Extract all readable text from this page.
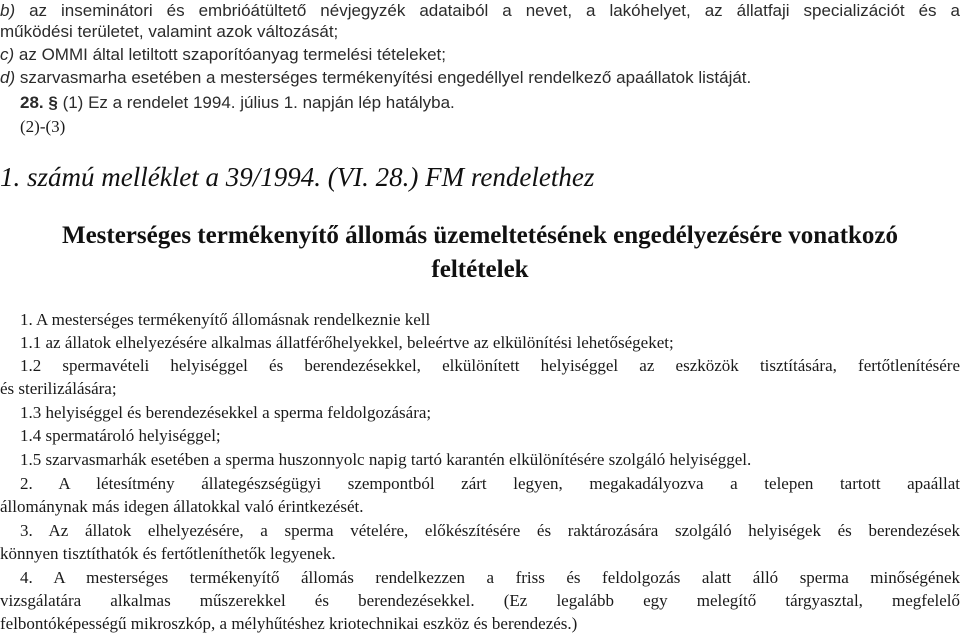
b) az inseminátori és embrióátültető névjegyzék adataiból a nevet, a lakóhelyet, az állatfaji specializációt és a
működési területet, valamint azok változását;
c) az OMMI által letiltott szaporítóanyag termelési tételeket;
d) szarvasmarha esetében a mesterséges termékenyítési engedéllyel rendelkező apaállatok listáját.
28. § (1) Ez a rendelet 1994. július 1. napján lép hatályba.
(2)-(3)
1. számú melléklet a 39/1994. (VI. 28.) FM rendelethez
Mesterséges termékenyítő állomás üzemeltetésének engedélyezésére vonatkozó
feltételek
1. A mesterséges termékenyítő állomásnak rendelkeznie kell
1.1 az állatok elhelyezésére alkalmas állatférőhelyekkel, beleértve az elkülönítési lehetőségeket;
1.2 spermavételi helyiséggel és berendezésekkel, elkülönített helyiséggel az eszközök tisztítására, fertőtlenítésére
és sterilizálására;
1.3 helyiséggel és berendezésekkel a sperma feldolgozására;
1.4 spermatároló helyiséggel;
1.5 szarvasmarhák esetében a sperma huszonnyolc napig tartó karantén elkülönítésére szolgáló helyiséggel.
2. A létesítmény állategészségügyi szempontból zárt legyen, megakadályozva a telepen tartott apaállat
állománynak más idegen állatokkal való érintkezését.
3. Az állatok elhelyezésére, a sperma vételére, előkészítésére és raktározására szolgáló helyiségek és berendezések
könnyen tisztíthatók és fertőtleníthetők legyenek.
4. A mesterséges termékenyítő állomás rendelkezzen a friss és feldolgozás alatt álló sperma minőségének
vizsgálatára alkalmas műszerekkel és berendezésekkel. (Ez legalább egy melegítő tárgyasztal, megfelelő
felbontóképességű mikroszkóp, a mélyhűtéshez kriotechnikai eszköz és berendezés.)
